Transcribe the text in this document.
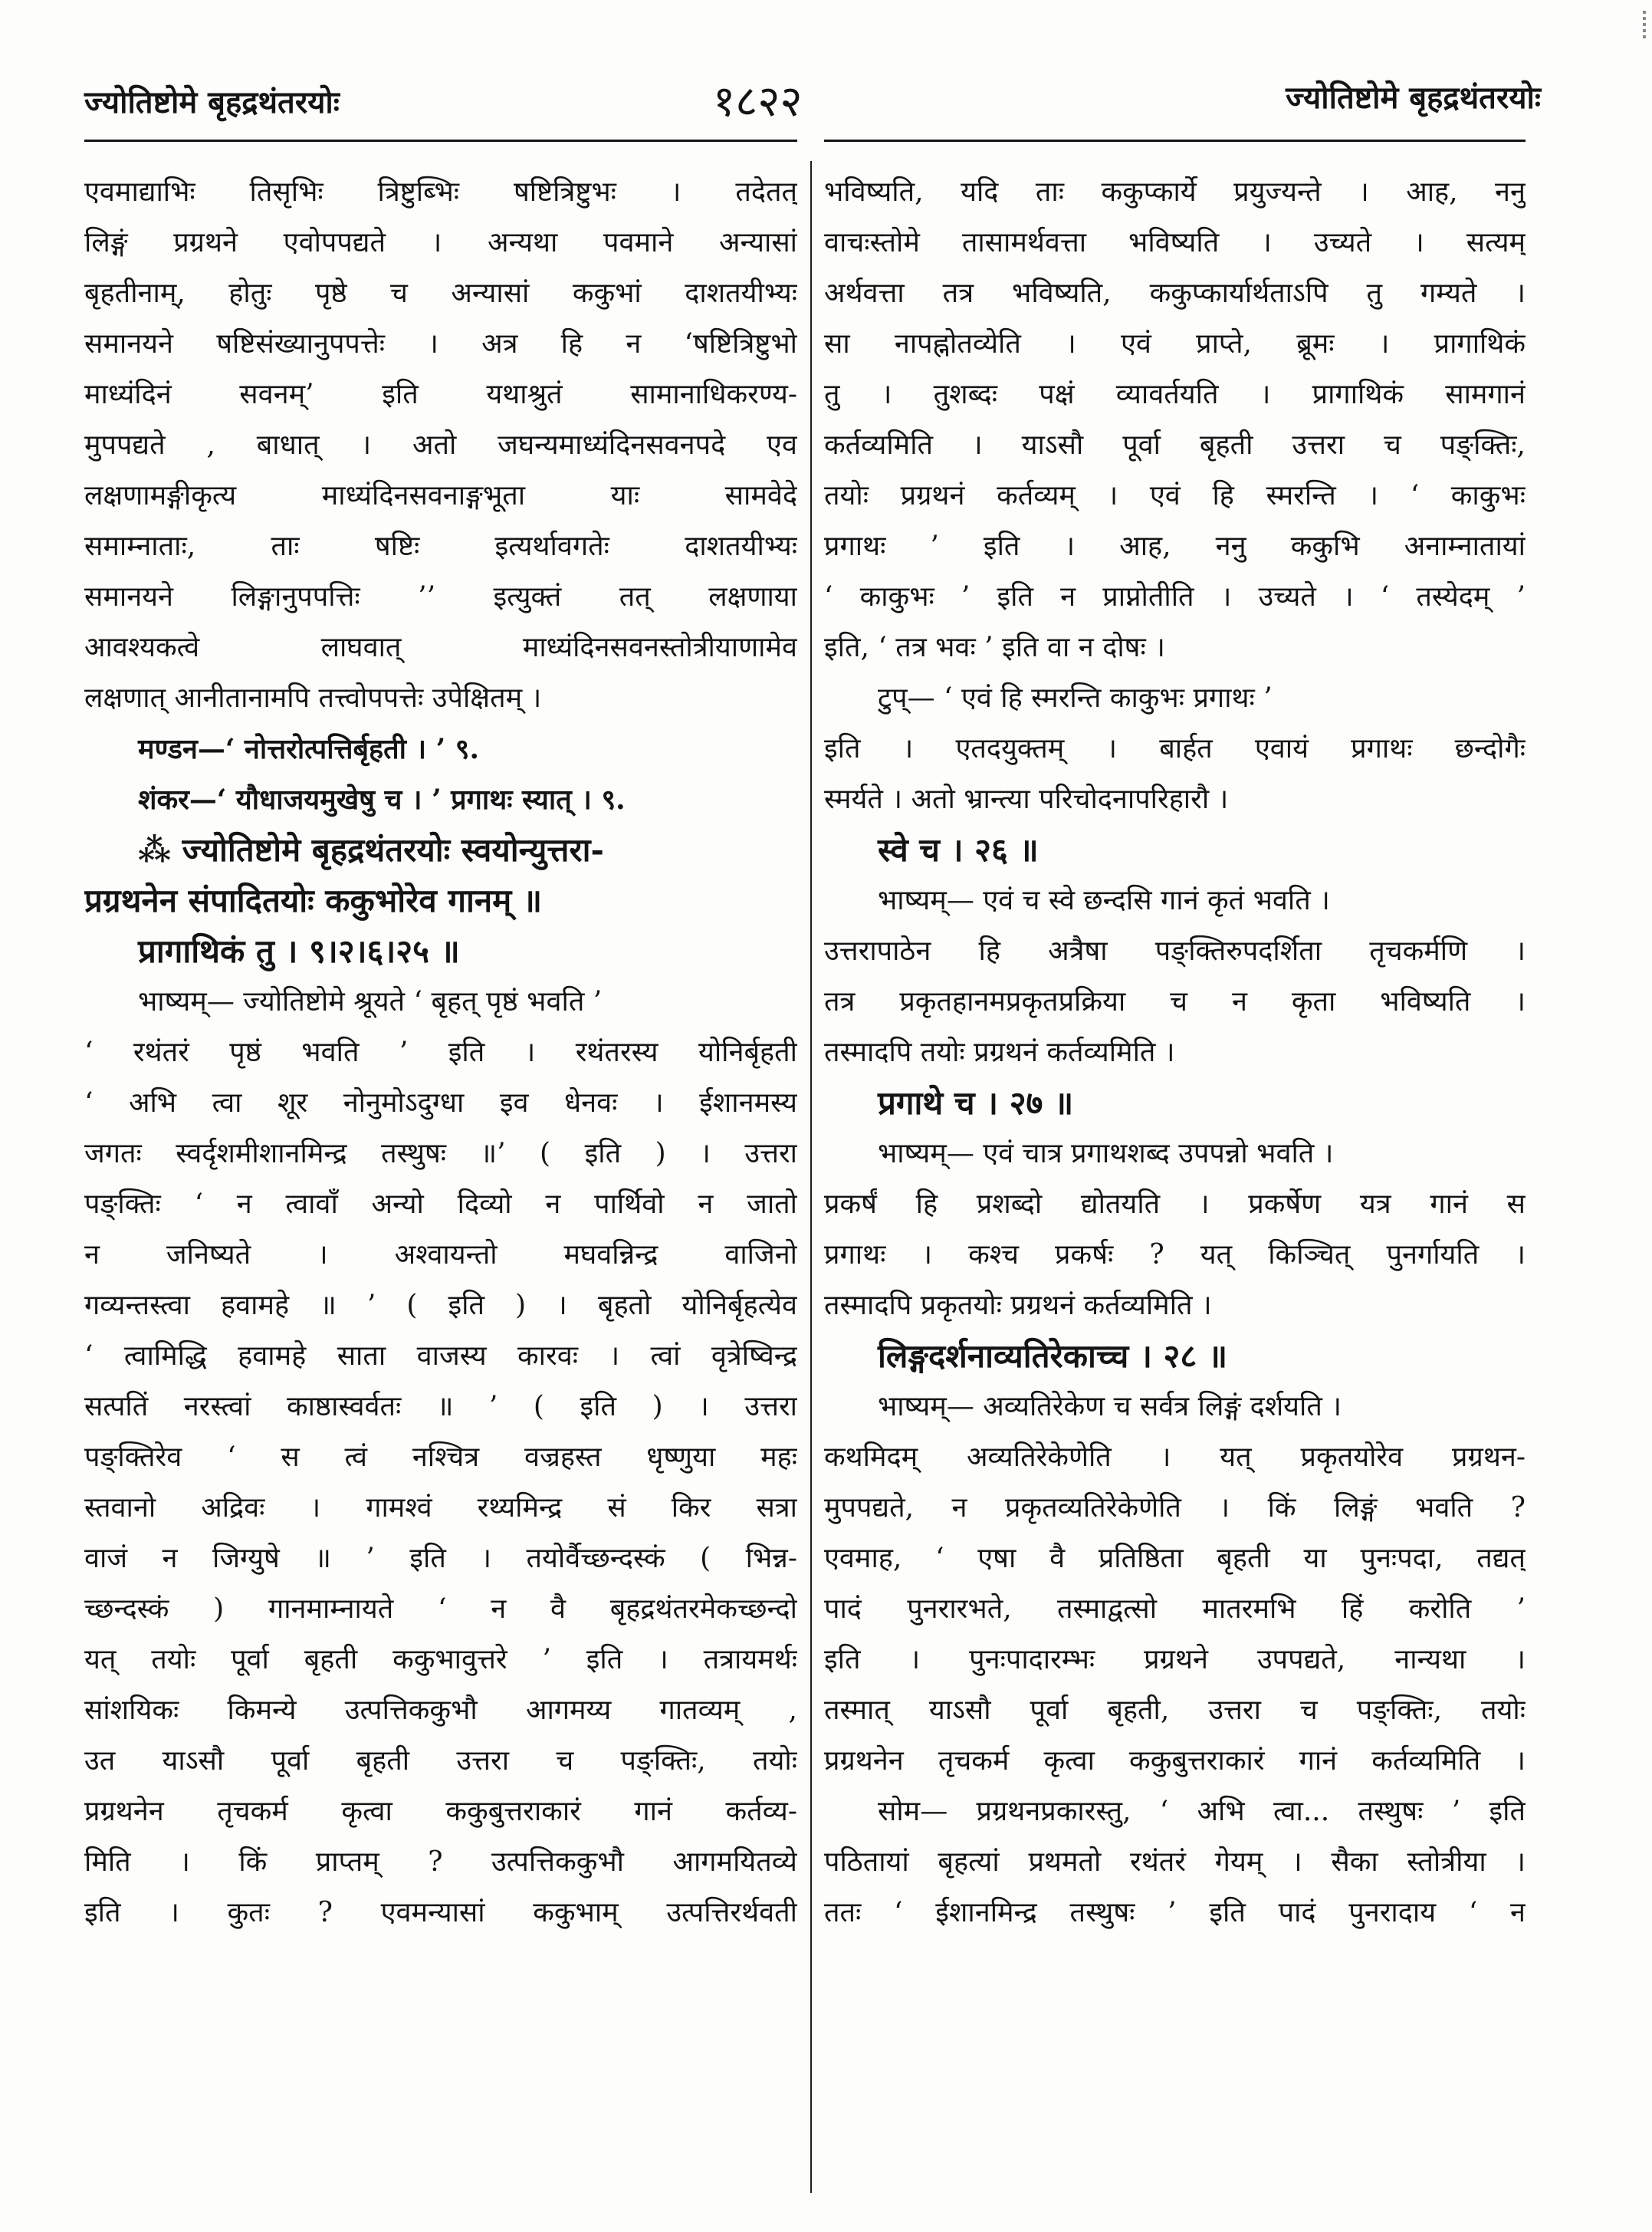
ज्योतिष्टोमे बृहद्रथंतरयोः	१८२२	ज्योतिष्टोमे बृहद्रथंतरयोः
एवमाद्याभिः तिसृभिः त्रिष्टुब्भिः षष्टित्रिष्टुभः । तदेतत्
लिङ्गं प्रग्रथने एवोपपद्यते । अन्यथा पवमाने अन्यासां
बृहतीनाम्, होतुः पृष्ठे च अन्यासां ककुभां दाशतयीभ्यः
समानयने षष्टिसंख्यानुपपत्तेः । अत्र हि न ‘षष्टित्रिष्टुभो
माध्यंदिनं सवनम्’ इति यथाश्रुतं सामानाधिकरण्य-
मुपपद्यते , बाधात् । अतो जघन्यमाध्यंदिनसवनपदे एव
लक्षणामङ्गीकृत्य माध्यंदिनसवनाङ्गभूता याः सामवेदे
समाम्नाताः, ताः षष्टिः इत्यर्थावगतेः दाशतयीभ्यः
समानयने लिङ्गानुपपत्तिः ’’ इत्युक्तं तत् लक्षणाया
आवश्यकत्वे लाघवात् माध्यंदिनसवनस्तोत्रीयाणामेव
लक्षणात् आनीतानामपि तत्त्वोपपत्तेः उपेक्षितम् ।
मण्डन—‘ नोत्तरोत्पत्तिर्बृहती । ’ ९.
शंकर—‘ यौधाजयमुखेषु च । ’ प्रगाथः स्यात् । ९.
⁂ ज्योतिष्टोमे बृहद्रथंतरयोः स्वयोन्युत्तरा-
प्रग्रथनेन संपादितयोः ककुभोरेव गानम् ॥
प्रागाथिकं तु । ९।२।६।२५ ॥
भाष्यम्— ज्योतिष्टोमे श्रूयते ‘ बृहत् पृष्ठं भवति ’
‘ रथंतरं पृष्ठं भवति ’ इति । रथंतरस्य योनिर्बृहती
‘ अभि त्वा शूर नोनुमोऽदुग्धा इव धेनवः । ईशानमस्य
जगतः स्वर्दृशमीशानमिन्द्र तस्थुषः ॥’ ( इति ) । उत्तरा
पङ्क्तिः ‘ न त्वावाँ अन्यो दिव्यो न पार्थिवो न जातो
न जनिष्यते । अश्वायन्तो मघवन्निन्द्र वाजिनो
गव्यन्तस्त्वा हवामहे ॥ ’ ( इति ) । बृहतो योनिर्बृहत्येव
‘ त्वामिद्धि हवामहे साता वाजस्य कारवः । त्वां वृत्रेष्विन्द्र
सत्पतिं नरस्त्वां काष्ठास्वर्वतः ॥ ’ ( इति ) । उत्तरा
पङ्क्तिरेव ‘ स त्वं नश्चित्र वज्रहस्त धृष्णुया महः
स्तवानो अद्रिवः । गामश्वं रथ्यमिन्द्र सं किर सत्रा
वाजं न जिग्युषे ॥ ’ इति । तयोर्वैच्छन्दस्कं ( भिन्न-
च्छन्दस्कं ) गानमाम्नायते ‘ न वै बृहद्रथंतरमेकच्छन्दो
यत् तयोः पूर्वा बृहती ककुभावुत्तरे ’ इति । तत्रायमर्थः
सांशयिकः किमन्ये उत्पत्तिककुभौ आगमय्य गातव्यम् ,
उत याऽसौ पूर्वा बृहती उत्तरा च पङ्क्तिः, तयोः
प्रग्रथनेन तृचकर्म कृत्वा ककुबुत्तराकारं गानं कर्तव्य-
मिति । किं प्राप्तम् ? उत्पत्तिककुभौ आगमयितव्ये
इति । कुतः ? एवमन्यासां ककुभाम् उत्पत्तिरर्थवती
भविष्यति, यदि ताः ककुप्कार्ये प्रयुज्यन्ते । आह, ननु
वाचःस्तोमे तासामर्थवत्ता भविष्यति । उच्यते । सत्यम्
अर्थवत्ता तत्र भविष्यति, ककुप्कार्यार्थताऽपि तु गम्यते ।
सा नापह्नोतव्येति । एवं प्राप्ते, ब्रूमः । प्रागाथिकं
तु । तुशब्दः पक्षं व्यावर्तयति । प्रागाथिकं सामगानं
कर्तव्यमिति । याऽसौ पूर्वा बृहती उत्तरा च पङ्क्तिः,
तयोः प्रग्रथनं कर्तव्यम् । एवं हि स्मरन्ति । ‘ काकुभः
प्रगाथः ’ इति । आह, ननु ककुभि अनाम्नातायां
‘ काकुभः ’ इति न प्राप्नोतीति । उच्यते । ‘ तस्येदम् ’
इति, ‘ तत्र भवः ’ इति वा न दोषः ।
टुप्— ‘ एवं हि स्मरन्ति काकुभः प्रगाथः ’
इति । एतदयुक्तम् । बार्हत एवायं प्रगाथः छन्दोगैः
स्मर्यते । अतो भ्रान्त्या परिचोदनापरिहारौ ।
स्वे च । २६ ॥
भाष्यम्— एवं च स्वे छन्दसि गानं कृतं भवति ।
उत्तरापाठेन हि अत्रैषा पङ्क्तिरुपदर्शिता तृचकर्मणि ।
तत्र प्रकृतहानमप्रकृतप्रक्रिया च न कृता भविष्यति ।
तस्मादपि तयोः प्रग्रथनं कर्तव्यमिति ।
प्रगाथे च । २७ ॥
भाष्यम्— एवं चात्र प्रगाथशब्द उपपन्नो भवति ।
प्रकर्षं हि प्रशब्दो द्योतयति । प्रकर्षेण यत्र गानं स
प्रगाथः । कश्च प्रकर्षः ? यत् किञ्चित् पुनर्गायति ।
तस्मादपि प्रकृतयोः प्रग्रथनं कर्तव्यमिति ।
लिङ्गदर्शनाव्यतिरेकाच्च । २८ ॥
भाष्यम्— अव्यतिरेकेण च सर्वत्र लिङ्गं दर्शयति ।
कथमिदम् अव्यतिरेकेणेति । यत् प्रकृतयोरेव प्रग्रथन-
मुपपद्यते, न प्रकृतव्यतिरेकेणेति । किं लिङ्गं भवति ?
एवमाह, ‘ एषा वै प्रतिष्ठिता बृहती या पुनःपदा, तद्यत्
पादं पुनरारभते, तस्माद्वत्सो मातरमभि हिं करोति ’
इति । पुनःपादारम्भः प्रग्रथने उपपद्यते, नान्यथा ।
तस्मात् याऽसौ पूर्वा बृहती, उत्तरा च पङ्क्तिः, तयोः
प्रग्रथनेन तृचकर्म कृत्वा ककुबुत्तराकारं गानं कर्तव्यमिति ।
सोम— प्रग्रथनप्रकारस्तु, ‘ अभि त्वा... तस्थुषः ’ इति
पठितायां बृहत्यां प्रथमतो रथंतरं गेयम् । सैका स्तोत्रीया ।
ततः ‘ ईशानमिन्द्र तस्थुषः ’ इति पादं पुनरादाय ‘ न
